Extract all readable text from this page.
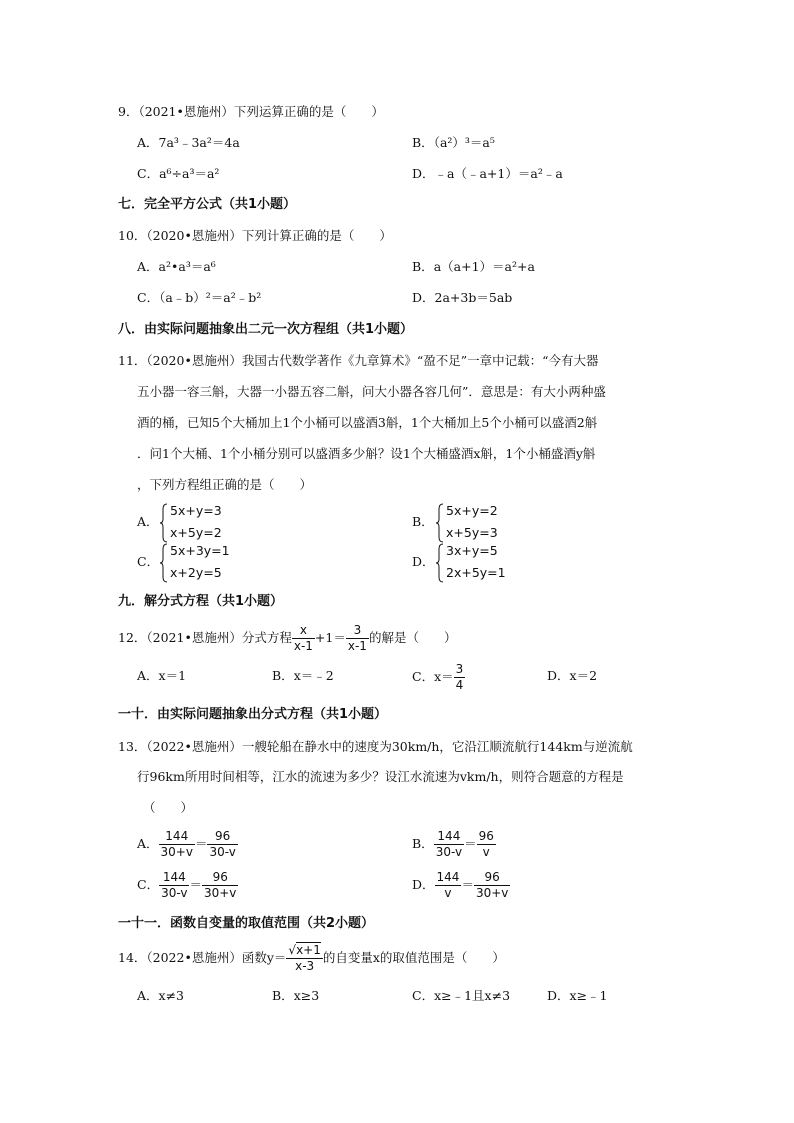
9．（2021•恩施州）下列运算正确的是（　　）
A．7a³﹣3a²＝4a	B．（a²）³＝a⁵
C．a⁶÷a³＝a²	D．﹣a（﹣a+1）＝a²﹣a
七．完全平方公式（共1小题）
10．（2020•恩施州）下列计算正确的是（　　）
A．a²•a³＝a⁶	B．a（a+1）＝a²+a
C．（a﹣b）²＝a²﹣b²	D．2a+3b＝5ab
八．由实际问题抽象出二元一次方程组（共1小题）
11．（2020•恩施州）我国古代数学著作《九章算术》“盈不足”一章中记载：“今有大器
五小器一容三斛，大器一小器五容二斛，问大小器各容几何”．意思是：有大小两种盛
酒的桶，已知5个大桶加上1个小桶可以盛酒3斛，1个大桶加上5个小桶可以盛酒2斛
．问1个大桶、1个小桶分别可以盛酒多少斛？设1个大桶盛酒x斛，1个小桶盛酒y斛
，下列方程组正确的是（　　）
A．
5x+y=3
x+5y=2
B．
5x+y=2
x+5y=3
C．
5x+3y=1
x+2y=5
D．
3x+y=5
2x+5y=1
九．解分式方程（共1小题）
12．（2021•恩施州）分式方程 $\frac{x}{x-1} +1= \frac{3}{x-1}$ 的解是（　　）
A．x＝1	B．x＝﹣2	C． $x= \frac{3}{4}$	D．x＝2
一十．由实际问题抽象出分式方程（共1小题）
13．（2022•恩施州）一艘轮船在静水中的速度为30km/h，它沿江顺流航行144km与逆流航
行96km所用时间相等，江水的流速为多少？设江水流速为vkm/h，则符合题意的方程是
（　　）
A． $\frac{144}{30+v} = \frac{96}{30-v}$	B． $\frac{144}{30-v} = \frac{96}{v}$
C． $\frac{144}{30-v} = \frac{96}{30+v}$	D． $\frac{144}{v} = \frac{96}{30+v}$
一十一．函数自变量的取值范围（共2小题）
14．（2022•恩施州）函数$y= \frac{√x+1}{x-3}$ 的自变量x的取值范围是（　　）
A．x≠3	B．x≥3	C．x≥﹣1且x≠3	D．x≥﹣1
